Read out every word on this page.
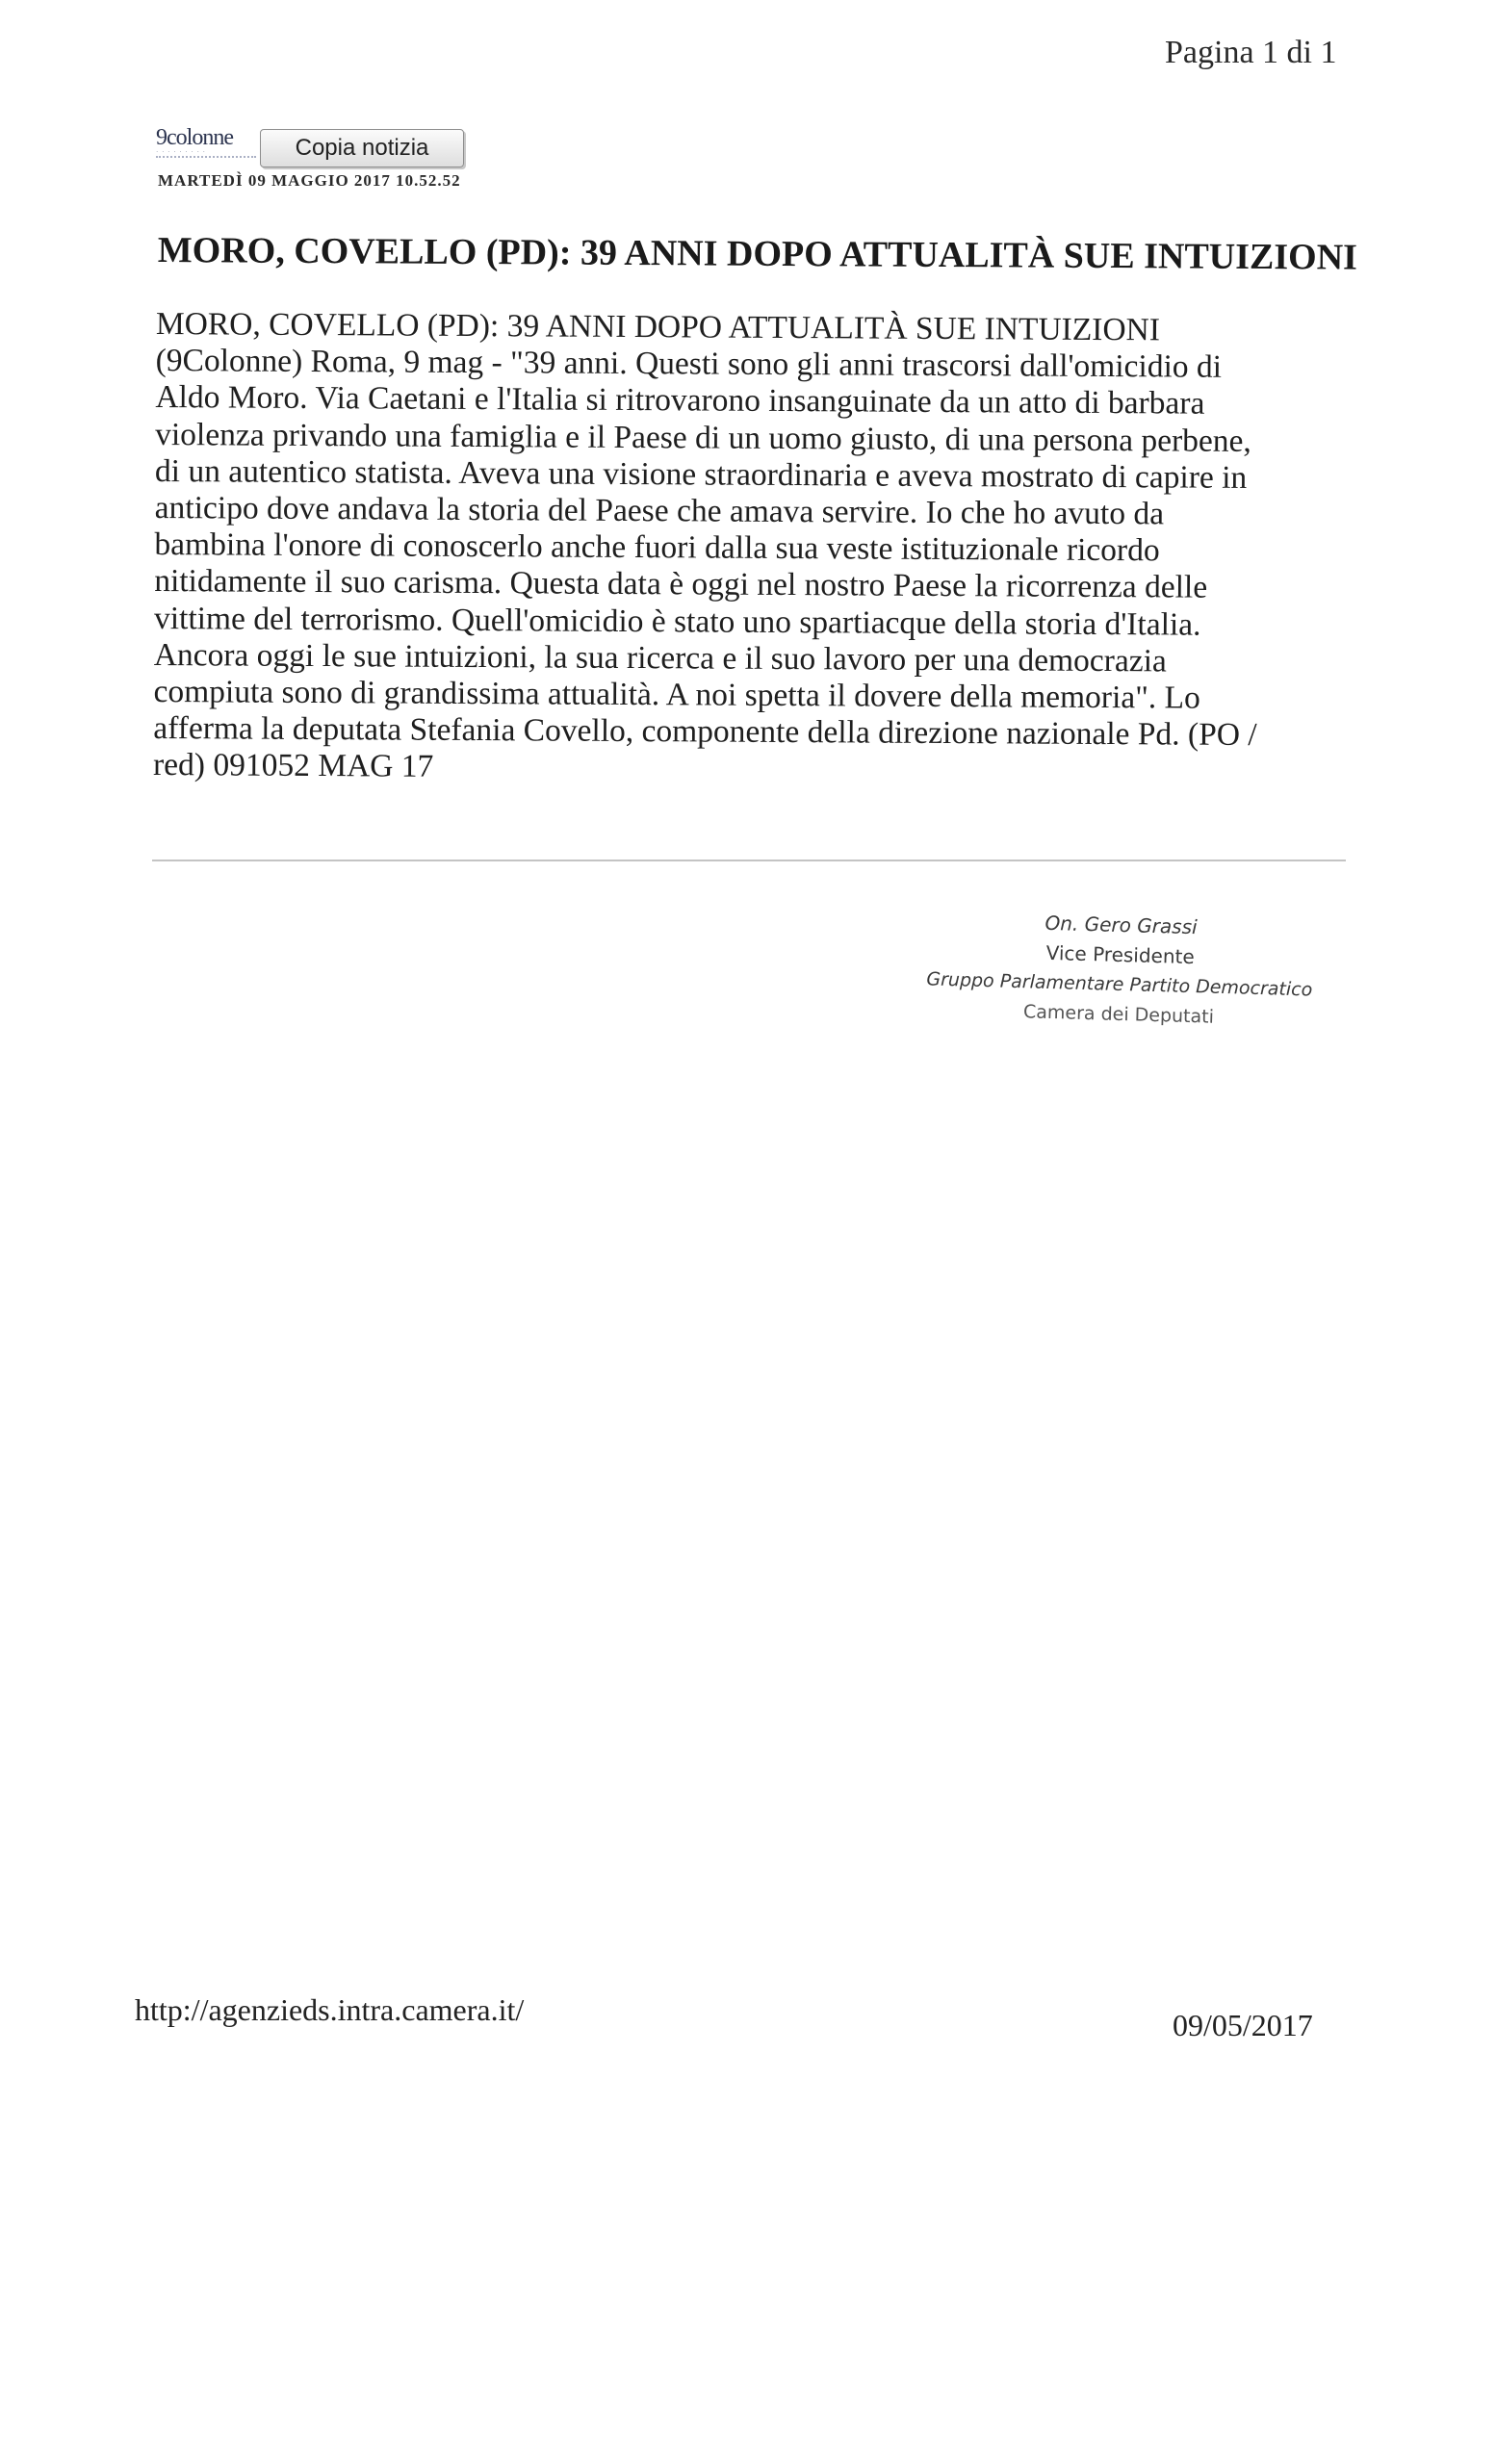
Pagina 1 di 1
9colonne
· · · · · · · · ·	Copia notizia
MARTEDÌ 09 MAGGIO 2017 10.52.52
MORO, COVELLO (PD): 39 ANNI DOPO ATTUALITÀ SUE INTUIZIONI

MORO, COVELLO (PD): 39 ANNI DOPO ATTUALITÀ SUE INTUIZIONI

(9Colonne) Roma, 9 mag - "39 anni. Questi sono gli anni trascorsi dall'omicidio di

Aldo Moro. Via Caetani e l'Italia si ritrovarono insanguinate da un atto di barbara

violenza privando una famiglia e il Paese di un uomo giusto, di una persona perbene,

di un autentico statista. Aveva una visione straordinaria e aveva mostrato di capire in

anticipo dove andava la storia del Paese che amava servire. Io che ho avuto da

bambina l'onore di conoscerlo anche fuori dalla sua veste istituzionale ricordo

nitidamente il suo carisma. Questa data è oggi nel nostro Paese la ricorrenza delle

vittime del terrorismo. Quell'omicidio è stato uno spartiacque della storia d'Italia.

Ancora oggi le sue intuizioni, la sua ricerca e il suo lavoro per una democrazia

compiuta sono di grandissima attualità. A noi spetta il dovere della memoria". Lo

afferma la deputata Stefania Covello, componente della direzione nazionale Pd. (PO /

red) 091052 MAG 17

On. Gero Grassi
Vice Presidente
Gruppo Parlamentare Partito Democratico
Camera dei Deputati
http://agenzieds.intra.camera.it/	09/05/2017
